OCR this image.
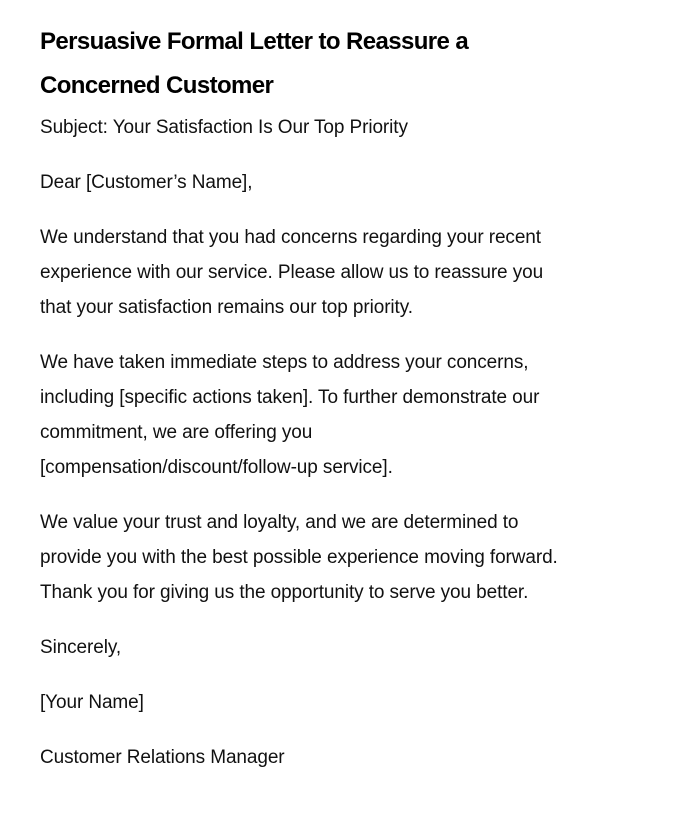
Persuasive Formal Letter to Reassure a
Concerned Customer

Subject: Your Satisfaction Is Our Top Priority

Dear [Customer’s Name],

We understand that you had concerns regarding your recent
experience with our service. Please allow us to reassure you
that your satisfaction remains our top priority.

We have taken immediate steps to address your concerns,
including [specific actions taken]. To further demonstrate our
commitment, we are offering you
[compensation/discount/follow-up service].

We value your trust and loyalty, and we are determined to
provide you with the best possible experience moving forward.
Thank you for giving us the opportunity to serve you better.

Sincerely,

[Your Name]

Customer Relations Manager
